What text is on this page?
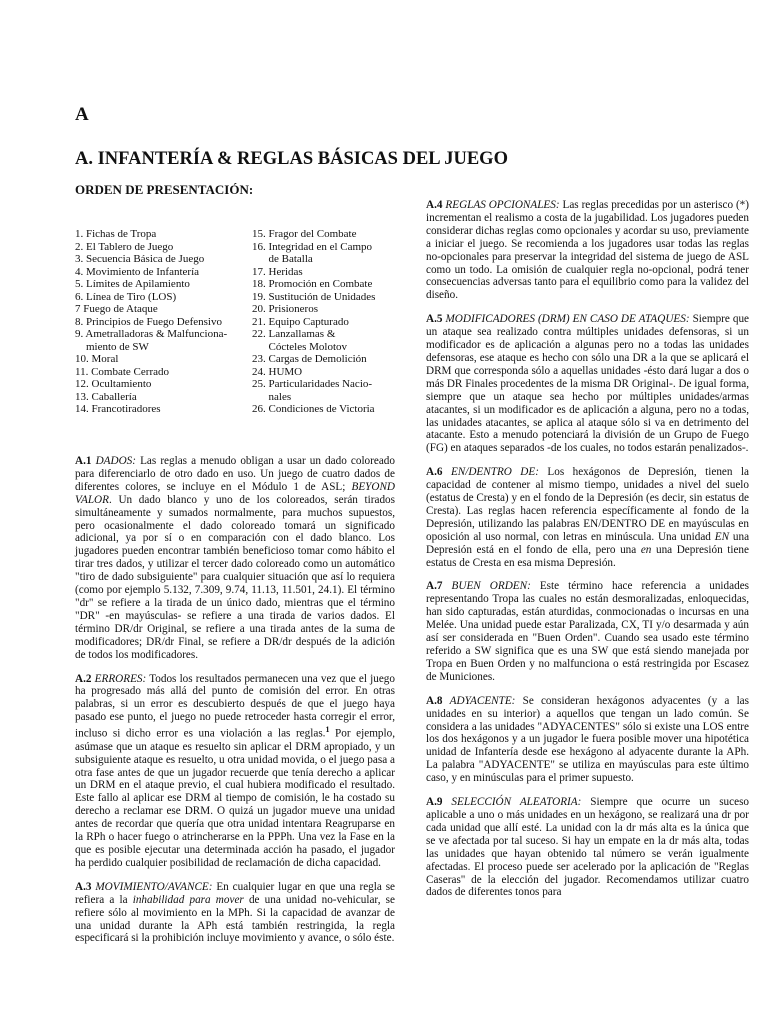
A
A. INFANTERÍA & REGLAS BÁSICAS DEL JUEGO
ORDEN DE PRESENTACIÓN:
1. Fichas de Tropa
2. El Tablero de Juego
3. Secuencia Básica de Juego
4. Movimiento de Infantería
5. Límites de Apilamiento
6. Línea de Tiro (LOS)
7 Fuego de Ataque
8. Principios de Fuego Defensivo
9. Ametralladoras & Malfunciona-
miento de SW
10. Moral
11. Combate Cerrado
12. Ocultamiento
13. Caballería
14. Francotiradores
15. Fragor del Combate
16. Integridad en el Campo
de Batalla
17. Heridas
18. Promoción en Combate
19. Sustitución de Unidades
20. Prisioneros
21. Equipo Capturado
22. Lanzallamas &
Cócteles Molotov
23. Cargas de Demolición
24. HUMO
25. Particularidades Nacio-
nales
26. Condiciones de Victoria

A.1 DADOS: Las reglas a menudo obligan a usar un dado coloreado para diferenciarlo de otro dado en uso. Un juego de cuatro dados de diferentes colores, se incluye en el Módulo 1 de ASL; BEYOND VALOR. Un dado blanco y uno de los coloreados, serán tirados simultáneamente y sumados normalmente, para muchos supuestos, pero ocasionalmente el dado coloreado tomará un significado adicional, ya por sí o en comparación con el dado blanco. Los jugadores pueden encontrar también beneficioso tomar como hábito el tirar tres dados, y utilizar el tercer dado coloreado como un automático "tiro de dado subsiguiente" para cualquier situación que así lo requiera (como por ejemplo 5.132, 7.309, 9.74, 11.13, 11.501, 24.1). El término "dr" se refiere a la tirada de un único dado, mientras que el término "DR" -en mayúsculas- se refiere a una tirada de varios dados. El término DR/dr Original, se refiere a una tirada antes de la suma de modificadores; DR/dr Final, se refiere a DR/dr después de la adición de todos los modificadores.

A.2 ERRORES: Todos los resultados permanecen una vez que el juego ha progresado más allá del punto de comisión del error. En otras palabras, si un error es descubierto después de que el juego haya pasado ese punto, el juego no puede retroceder hasta corregir el error, incluso si dicho error es una violación a las reglas.$^1$ Por ejemplo, asúmase que un ataque es resuelto sin aplicar el DRM apropiado, y un subsiguiente ataque es resuelto, u otra unidad movida, o el juego pasa a otra fase antes de que un jugador recuerde que tenía derecho a aplicar un DRM en el ataque previo, el cual hubiera modificado el resultado. Este fallo al aplicar ese DRM al tiempo de comisión, le ha costado su derecho a reclamar ese DRM. O quizá un jugador mueve una unidad antes de recordar que quería que otra unidad intentara Reagruparse en la RPh o hacer fuego o atrincherarse en la PPPh. Una vez la Fase en la que es posible ejecutar una determinada acción ha pasado, el jugador ha perdido cualquier posibilidad de reclamación de dicha capacidad.

A.3 MOVIMIENTO/AVANCE: En cualquier lugar en que una regla se refiera a la inhabilidad para mover de una unidad no-vehicular, se refiere sólo al movimiento en la MPh. Si la capacidad de avanzar de una unidad durante la APh está también restringida, la regla especificará si la prohibición incluye movimiento y avance, o sólo éste.

A.4 REGLAS OPCIONALES: Las reglas precedidas por un asterisco (*) incrementan el realismo a costa de la jugabilidad. Los jugadores pueden considerar dichas reglas como opcionales y acordar su uso, previamente a iniciar el juego. Se recomienda a los jugadores usar todas las reglas no-opcionales para preservar la integridad del sistema de juego de ASL como un todo. La omisión de cualquier regla no-opcional, podrá tener consecuencias adversas tanto para el equilibrio como para la validez del diseño.

A.5 MODIFICADORES (DRM) EN CASO DE ATAQUES: Siempre que un ataque sea realizado contra múltiples unidades defensoras, si un modificador es de aplicación a algunas pero no a todas las unidades defensoras, ese ataque es hecho con sólo una DR a la que se aplicará el DRM que corresponda sólo a aquellas unidades -ésto dará lugar a dos o más DR Finales procedentes de la misma DR Original-. De igual forma, siempre que un ataque sea hecho por múltiples unidades/armas atacantes, si un modificador es de aplicación a alguna, pero no a todas, las unidades atacantes, se aplica al ataque sólo si va en detrimento del atacante. Esto a menudo potenciará la división de un Grupo de Fuego (FG) en ataques separados -de los cuales, no todos estarán penalizados-.

A.6 EN/DENTRO DE: Los hexágonos de Depresión, tienen la capacidad de contener al mismo tiempo, unidades a nivel del suelo (estatus de Cresta) y en el fondo de la Depresión (es decir, sin estatus de Cresta). Las reglas hacen referencia específicamente al fondo de la Depresión, utilizando las palabras EN/DENTRO DE en mayúsculas en oposición al uso normal, con letras en minúscula. Una unidad EN una Depresión está en el fondo de ella, pero una en una Depresión tiene estatus de Cresta en esa misma Depresión.

A.7 BUEN ORDEN: Este término hace referencia a unidades representando Tropa las cuales no están desmoralizadas, enloquecidas, han sido capturadas, están aturdidas, conmocionadas o incursas en una Melée. Una unidad puede estar Paralizada, CX, TI y/o desarmada y aún así ser considerada en "Buen Orden". Cuando sea usado este término referido a SW significa que es una SW que está siendo manejada por Tropa en Buen Orden y no malfunciona o está restringida por Escasez de Municiones.

A.8 ADYACENTE: Se consideran hexágonos adyacentes (y a las unidades en su interior) a aquellos que tengan un lado común. Se considera a las unidades "ADYACENTES" sólo si existe una LOS entre los dos hexágonos y a un jugador le fuera posible mover una hipotética unidad de Infantería desde ese hexágono al adyacente durante la APh. La palabra "ADYACENTE" se utiliza en mayúsculas para este último caso, y en minúsculas para el primer supuesto.

A.9 SELECCIÓN ALEATORIA: Siempre que ocurre un suceso aplicable a uno o más unidades en un hexágono, se realizará una dr por cada unidad que allí esté. La unidad con la dr más alta es la única que se ve afectada por tal suceso. Si hay un empate en la dr más alta, todas las unidades que hayan obtenido tal número se verán igualmente afectadas. El proceso puede ser acelerado por la aplicación de "Reglas Caseras" de la elección del jugador. Recomendamos utilizar cuatro dados de diferentes tonos para
